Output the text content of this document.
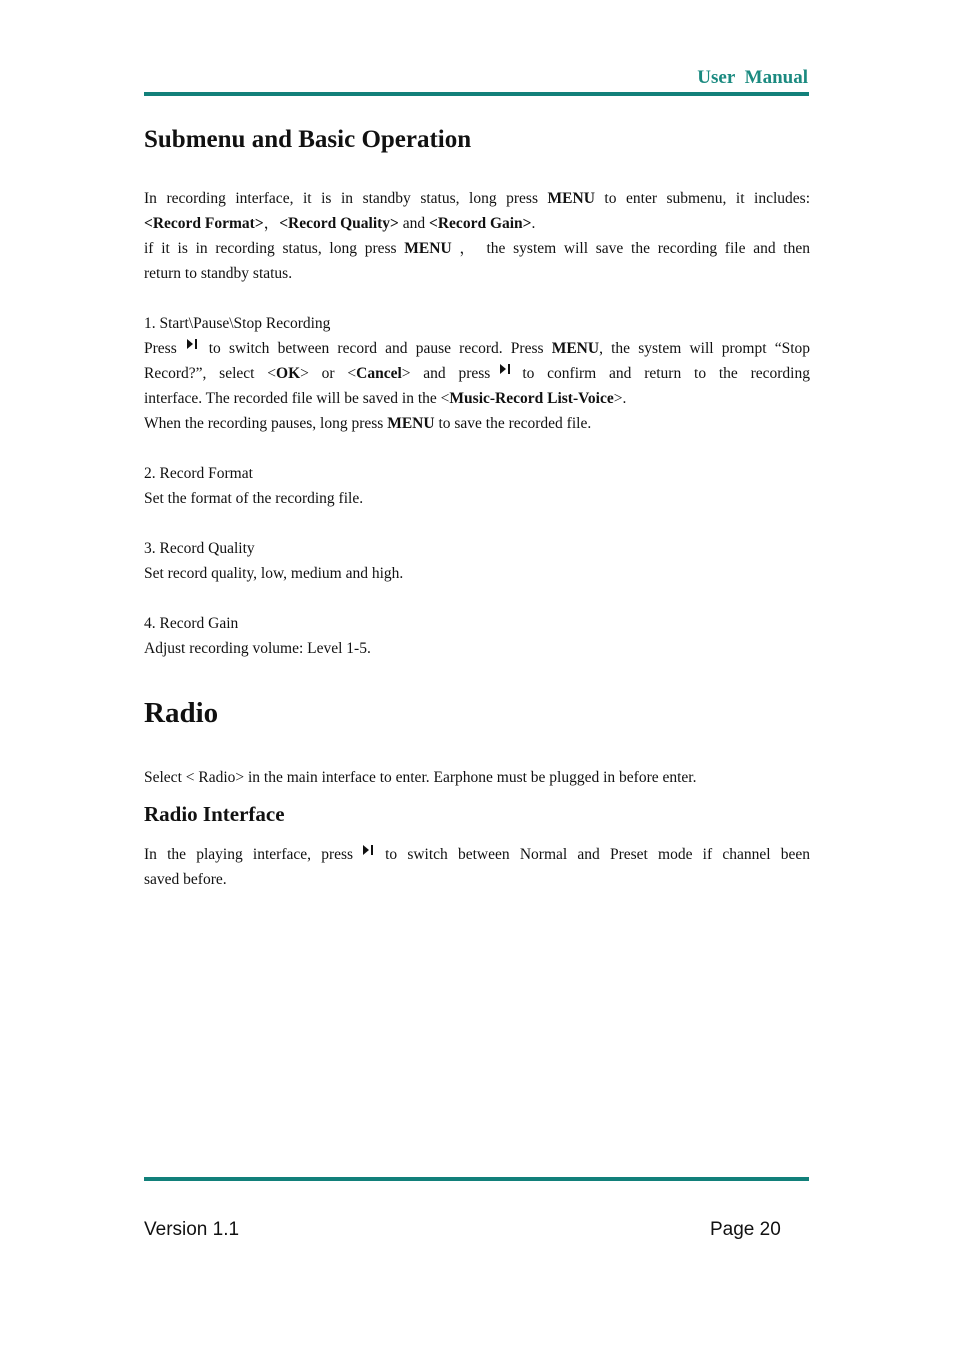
User Manual
Submenu and Basic Operation
In recording interface, it is in standby status, long press MENU to enter submenu, it includes:
<Record Format>，<Record Quality> and <Record Gain>.
if it is in recording status, long press MENU ， the system will save the recording file and then
return to standby status.
1. Start\Pause\Stop Recording
Press to switch between record and pause record. Press MENU, the system will prompt “Stop
Record?”, select <OK> or <Cancel> and press to confirm and return to the recording
interface. The recorded file will be saved in the <Music-Record List-Voice>.
When the recording pauses, long press MENU to save the recorded file.
2. Record Format
Set the format of the recording file.
3. Record Quality
Set record quality, low, medium and high.
4. Record Gain
Adjust recording volume: Level 1-5.
Radio
Select < Radio> in the main interface to enter. Earphone must be plugged in before enter.
Radio Interface
In the playing interface, press to switch between Normal and Preset mode if channel been
saved before.
Version 1.1	Page 20
